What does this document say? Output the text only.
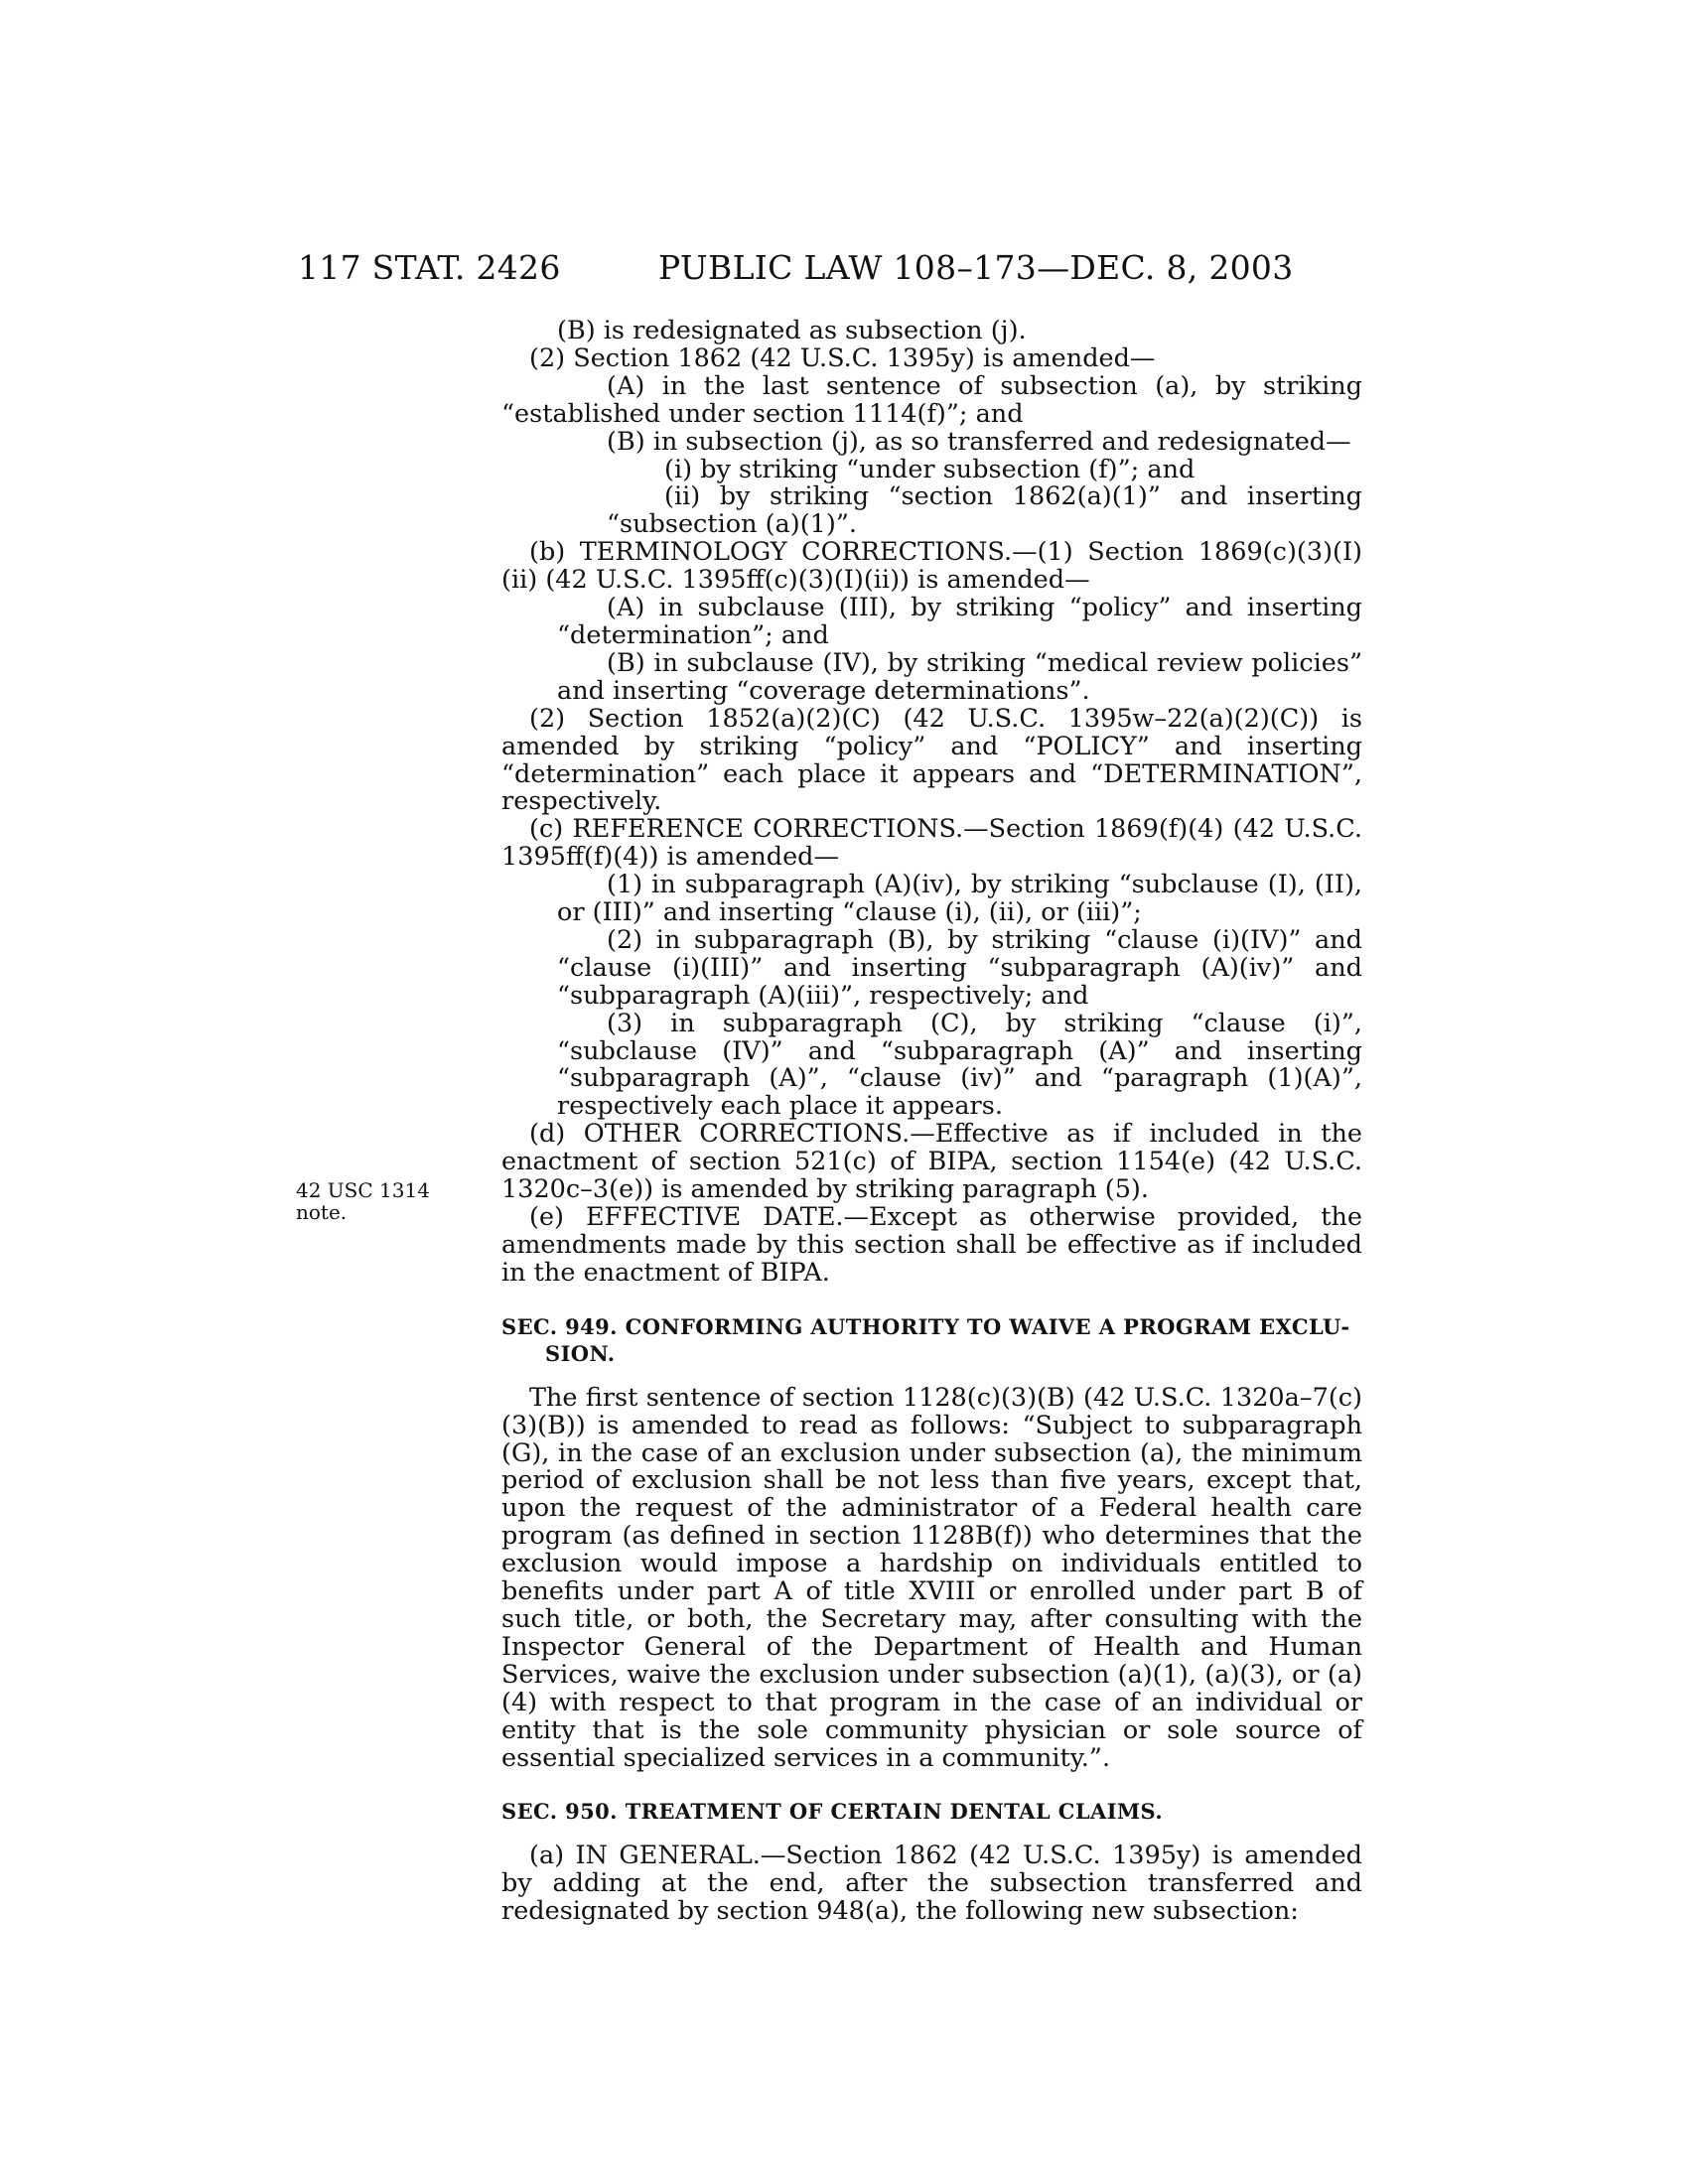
117 STAT. 2426	PUBLIC LAW 108–173—DEC. 8, 2003
42 USC 1314
note.

(B) is redesignated as subsection (j).

(2) Section 1862 (42 U.S.C. 1395y) is amended—

(A) in the last sentence of subsection (a), by striking “established under section 1114(f)”; and

(B) in subsection (j), as so transferred and redesignated—

(i) by striking “under subsection (f)”; and

(ii) by striking “section 1862(a)(1)” and inserting “subsection (a)(1)”.

(b) TERMINOLOGY CORRECTIONS.—(1) Section 1869(c)(3)(I)(ii) (42 U.S.C. 1395ff(c)(3)(I)(ii)) is amended—

(A) in subclause (III), by striking “policy” and inserting “determination”; and

(B) in subclause (IV), by striking “medical review policies” and inserting “coverage determinations”.

(2) Section 1852(a)(2)(C) (42 U.S.C. 1395w–22(a)(2)(C)) is amended by striking “policy” and “POLICY” and inserting “determination” each place it appears and “DETERMINATION”, respectively.

(c) REFERENCE CORRECTIONS.—Section 1869(f)(4) (42 U.S.C. 1395ff(f)(4)) is amended—

(1) in subparagraph (A)(iv), by striking “subclause (I), (II), or (III)” and inserting “clause (i), (ii), or (iii)”;

(2) in subparagraph (B), by striking “clause (i)(IV)” and “clause (i)(III)” and inserting “subparagraph (A)(iv)” and “subparagraph (A)(iii)”, respectively; and

(3) in subparagraph (C), by striking “clause (i)”, “subclause (IV)” and “subparagraph (A)” and inserting “subparagraph (A)”, “clause (iv)” and “paragraph (1)(A)”, respectively each place it appears.

(d) OTHER CORRECTIONS.—Effective as if included in the enactment of section 521(c) of BIPA, section 1154(e) (42 U.S.C. 1320c–3(e)) is amended by striking paragraph (5).

(e) EFFECTIVE DATE.—Except as otherwise provided, the amendments made by this section shall be effective as if included in the enactment of BIPA.

SEC. 949. CONFORMING AUTHORITY TO WAIVE A PROGRAM EXCLU-
SION.

The first sentence of section 1128(c)(3)(B) (42 U.S.C. 1320a–7(c)(3)(B)) is amended to read as follows: “Subject to subparagraph (G), in the case of an exclusion under subsection (a), the minimum period of exclusion shall be not less than five years, except that, upon the request of the administrator of a Federal health care program (as defined in section 1128B(f)) who determines that the exclusion would impose a hardship on individuals entitled to benefits under part A of title XVIII or enrolled under part B of such title, or both, the Secretary may, after consulting with the Inspector General of the Department of Health and Human Services, waive the exclusion under subsection (a)(1), (a)(3), or (a)(4) with respect to that program in the case of an individual or entity that is the sole community physician or sole source of essential specialized services in a community.”.

SEC. 950. TREATMENT OF CERTAIN DENTAL CLAIMS.

(a) IN GENERAL.—Section 1862 (42 U.S.C. 1395y) is amended by adding at the end, after the subsection transferred and redesignated by section 948(a), the following new subsection:
